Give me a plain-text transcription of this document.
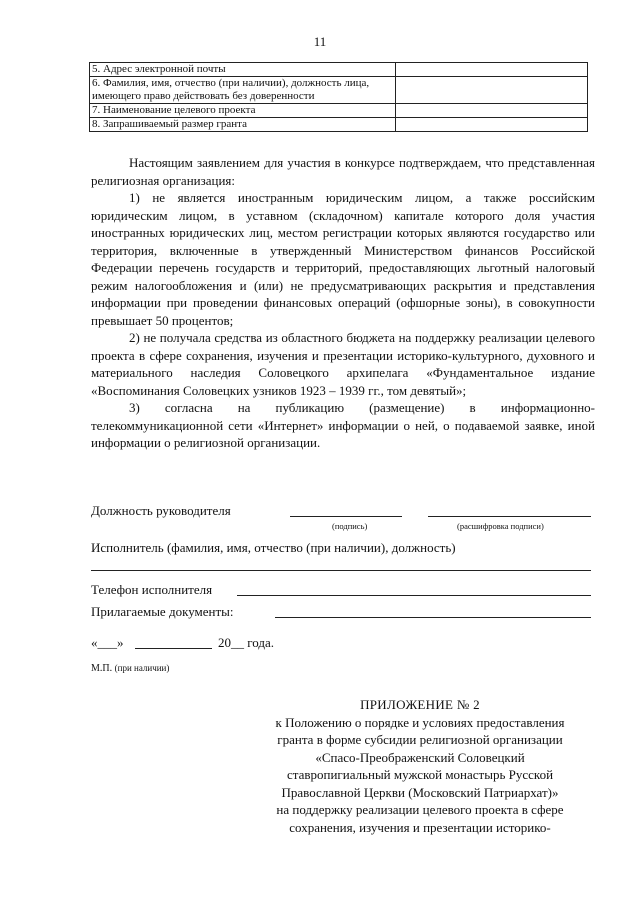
11
5. Адрес электронной почты	
6. Фамилия, имя, отчество (при наличии), должность лица, имеющего право действовать без доверенности	
7. Наименование целевого проекта	
8. Запрашиваемый размер гранта	

Настоящим заявлением для участия в конкурсе подтверждаем, что представленная религиозная организация:

1) не является иностранным юридическим лицом, а также российским юридическим лицом, в уставном (складочном) капитале которого доля участия иностранных юридических лиц, местом регистрации которых являются государство или территория, включенные в утвержденный Министерством финансов Российской Федерации перечень государств и территорий, предоставляющих льготный налоговый режим налогообложения и (или) не предусматривающих раскрытия и представления информации при проведении финансовых операций (офшорные зоны), в совокупности превышает 50 процентов;

2) не получала средства из областного бюджета на поддержку реализации целевого проекта в сфере сохранения, изучения и презентации историко-культурного, духовного и материального наследия Соловецкого архипелага «Фундаментальное издание «Воспоминания Соловецких узников 1923 – 1939 гг., том девятый»;

3) согласна на публикацию (размещение) в информационно-телекоммуникационной сети «Интернет» информации о ней, о подаваемой заявке, иной информации о религиозной организации.

Должность руководителя
(подпись)	(расшифровка подписи)
Исполнитель (фамилия, имя, отчество (при наличии), должность)
Телефон исполнителя
Прилагаемые документы:
«___»	20__ года.
М.П. (при наличии)
ПРИЛОЖЕНИЕ № 2
к Положению о порядке и условиях предоставления
гранта в форме субсидии религиозной организации
«Спасо-Преображенский Соловецкий
ставропигиальный мужской монастырь Русской
Православной Церкви (Московский Патриархат)»
на поддержку реализации целевого проекта в сфере
сохранения, изучения и презентации историко-
